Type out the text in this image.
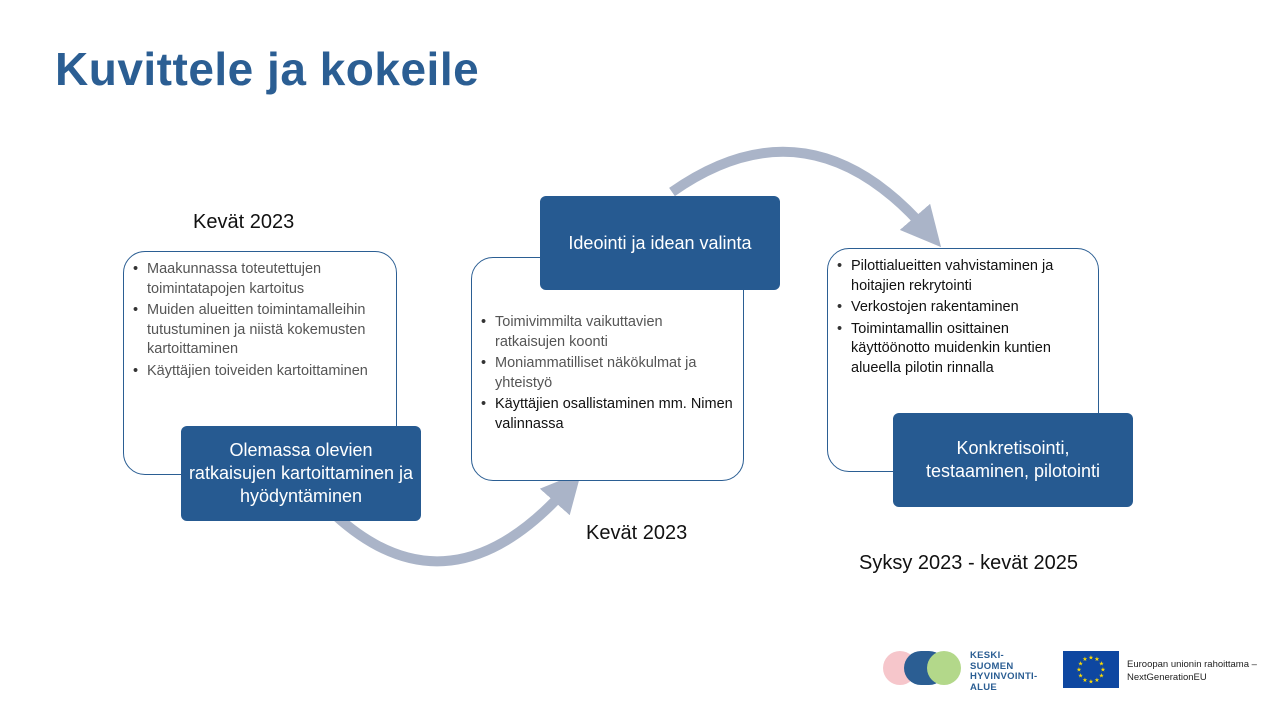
Kuvittele ja kokeile
Kevät 2023
• Maakunnassa toteutettujen toimintatapojen kartoitus
• Muiden alueitten toimintamalleihin tutustuminen ja niistä kokemusten kartoittaminen
• Käyttäjien toiveiden kartoittaminen
Olemassa olevien ratkaisujen kartoittaminen ja hyödyntäminen
• Toimivimmilta vaikuttavien ratkaisujen koonti
• Moniammatilliset näkökulmat ja yhteistyö
• Käyttäjien osallistaminen mm. Nimen valinnassa
Ideointi ja idean valinta
Kevät 2023
• Pilottialueitten vahvistaminen ja hoitajien rekrytointi
• Verkostojen rakentaminen
• Toimintamallin osittainen käyttöönotto muidenkin kuntien alueella pilotin rinnalla
Konkretisointi, testaaminen, pilotointi
Syksy 2023 - kevät 2025
KESKI-
SUOMEN
HYVINVOINTI-
ALUE
★
★
★
★
★
★
★
★
★ ★ ★
★ Euroopan unionin rahoittama –
NextGenerationEU
